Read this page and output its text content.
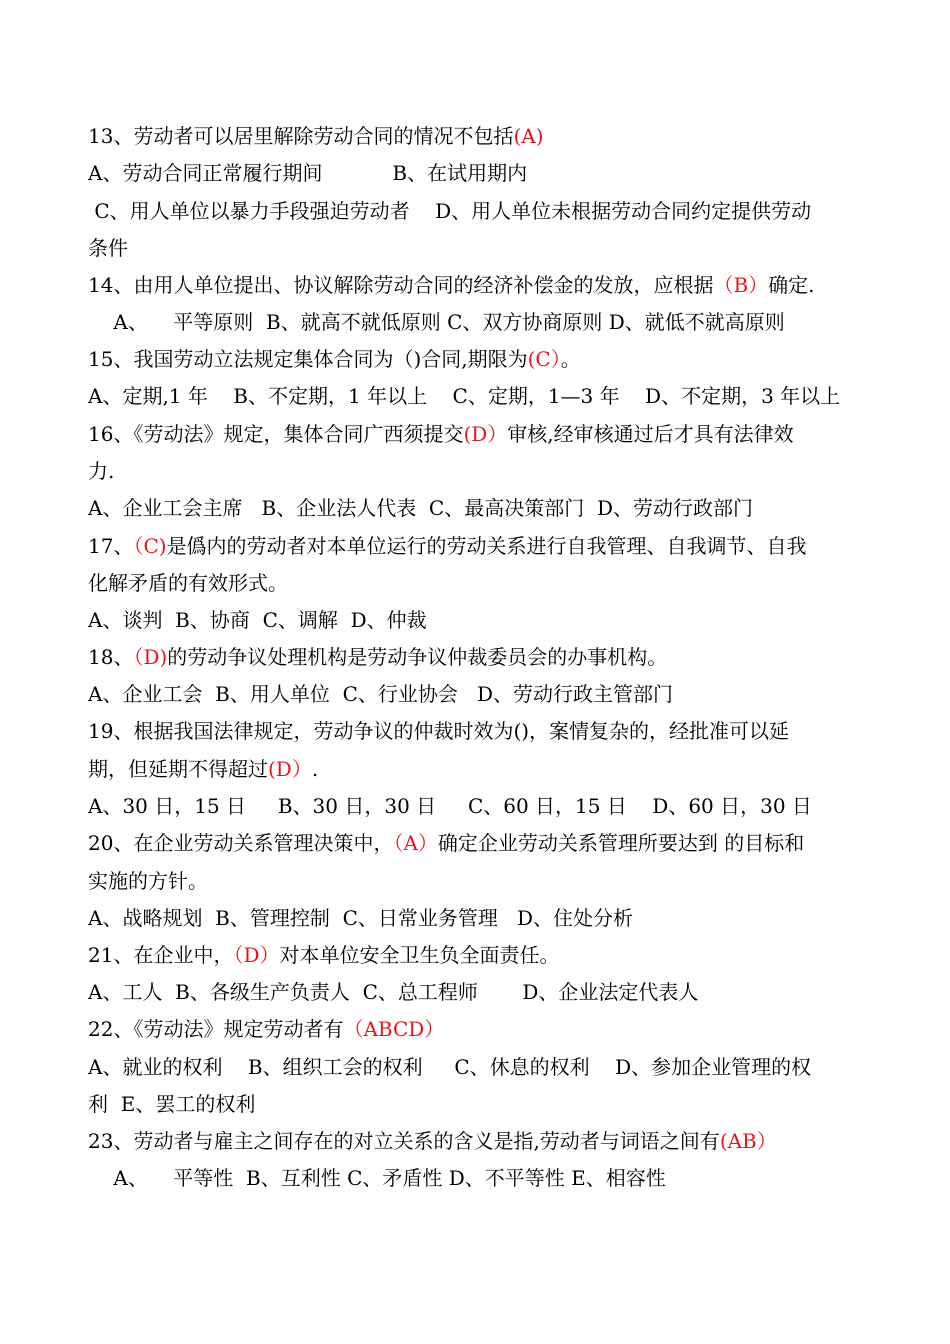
13、劳动者可以居里解除劳动合同的情况不包括(A)
A、劳动合同正常履行期间           B、在试用期内
C、用人单位以暴力手段强迫劳动者    D、用人单位未根据劳动合同约定提供劳动
条件
14、由用人单位提出、协议解除劳动合同的经济补偿金的发放，应根据（B）确定.
A、    平等原则  B、就高不就低原则 C、双方协商原则 D、就低不就高原则
15、我国劳动立法规定集体合同为（)合同,期限为(C）。
A、定期,1 年    B、不定期，1 年以上    C、定期，1—3 年    D、不定期，3 年以上
16、《劳动法》规定，集体合同广西须提交(D）审核,经审核通过后才具有法律效
力.
A、企业工会主席   B、企业法人代表  C、最高决策部门  D、劳动行政部门
17、（C)是僞内的劳动者对本单位运行的劳动关系进行自我管理、自我调节、自我
化解矛盾的有效形式。
A、谈判  B、协商  C、调解  D、仲裁
18、（D)的劳动争议处理机构是劳动争议仲裁委员会的办事机构。
A、企业工会  B、用人单位  C、行业协会   D、劳动行政主管部门
19、根据我国法律规定，劳动争议的仲裁时效为()，案情复杂的，经批准可以延
期，但延期不得超过(D）.
A、30 日，15 日     B、30 日，30 日     C、60 日，15 日    D、60 日，30 日
20、在企业劳动关系管理决策中，（A）确定企业劳动关系管理所要达到 的目标和
实施的方针。
A、战略规划  B、管理控制  C、日常业务管理   D、住处分析
21、在企业中，（D）对本单位安全卫生负全面责任。
A、工人  B、各级生产负责人  C、总工程师       D、企业法定代表人
22、《劳动法》规定劳动者有（ABCD）
A、就业的权利    B、组织工会的权利     C、休息的权利    D、参加企业管理的权
利  E、罢工的权利
23、劳动者与雇主之间存在的对立关系的含义是指,劳动者与词语之间有(AB）
A、    平等性  B、互利性 C、矛盾性 D、不平等性 E、相容性
